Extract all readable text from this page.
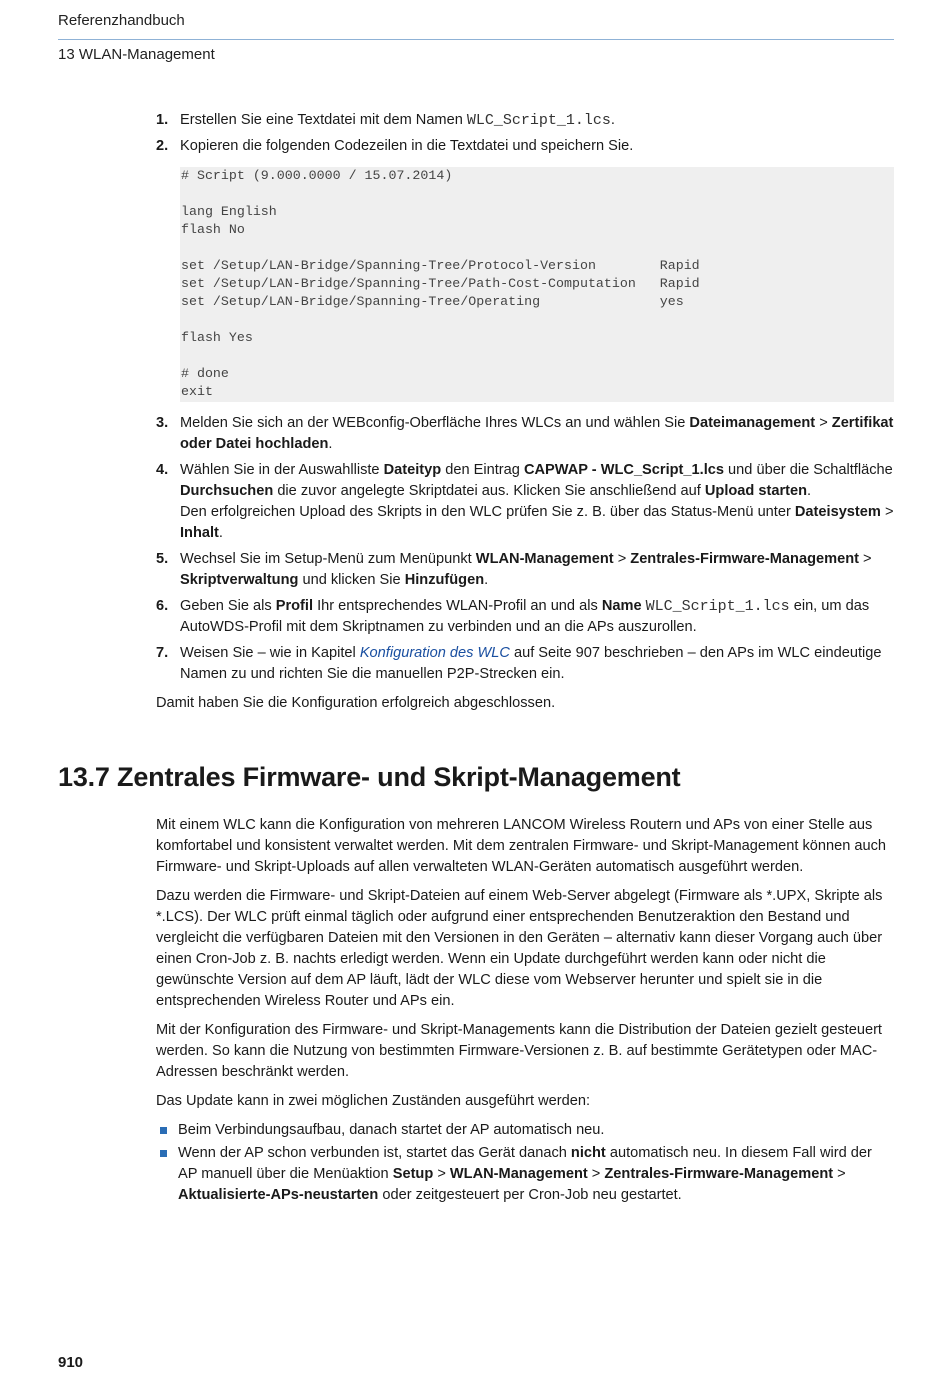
Referenzhandbuch
13 WLAN-Management
1. Erstellen Sie eine Textdatei mit dem Namen WLC_Script_1.lcs.
2. Kopieren die folgenden Codezeilen in die Textdatei und speichern Sie.
# Script (9.000.0000 / 15.07.2014)
lang English
flash No
set /Setup/LAN-Bridge/Spanning-Tree/Protocol-Version        Rapid
set /Setup/LAN-Bridge/Spanning-Tree/Path-Cost-Computation   Rapid
set /Setup/LAN-Bridge/Spanning-Tree/Operating               yes
flash Yes
# done
exit
3. Melden Sie sich an der WEBconfig-Oberfläche Ihres WLCs an und wählen Sie Dateimanagement > Zertifikat oder Datei hochladen.
4. Wählen Sie in der Auswahlliste Dateityp den Eintrag CAPWAP - WLC_Script_1.lcs und über die Schaltfläche Durchsuchen die zuvor angelegte Skriptdatei aus. Klicken Sie anschließend auf Upload starten.
Den erfolgreichen Upload des Skripts in den WLC prüfen Sie z. B. über das Status-Menü unter Dateisystem > Inhalt.
5. Wechsel Sie im Setup-Menü zum Menüpunkt WLAN-Management > Zentrales-Firmware-Management > Skriptverwaltung und klicken Sie Hinzufügen.
6. Geben Sie als Profil Ihr entsprechendes WLAN-Profil an und als Name WLC_Script_1.lcs ein, um das AutoWDS-Profil mit dem Skriptnamen zu verbinden und an die APs auszurollen.
7. Weisen Sie – wie in Kapitel Konfiguration des WLC auf Seite 907 beschrieben – den APs im WLC eindeutige Namen zu und richten Sie die manuellen P2P-Strecken ein.
Damit haben Sie die Konfiguration erfolgreich abgeschlossen.
13.7 Zentrales Firmware- und Skript-Management
Mit einem WLC kann die Konfiguration von mehreren LANCOM Wireless Routern und APs von einer Stelle aus komfortabel und konsistent verwaltet werden. Mit dem zentralen Firmware- und Skript-Management können auch Firmware- und Skript-Uploads auf allen verwalteten WLAN-Geräten automatisch ausgeführt werden.
Dazu werden die Firmware- und Skript-Dateien auf einem Web-Server abgelegt (Firmware als *.UPX, Skripte als *.LCS). Der WLC prüft einmal täglich oder aufgrund einer entsprechenden Benutzeraktion den Bestand und vergleicht die verfügbaren Dateien mit den Versionen in den Geräten – alternativ kann dieser Vorgang auch über einen Cron-Job z. B. nachts erledigt werden. Wenn ein Update durchgeführt werden kann oder nicht die gewünschte Version auf dem AP läuft, lädt der WLC diese vom Webserver herunter und spielt sie in die entsprechenden Wireless Router und APs ein.
Mit der Konfiguration des Firmware- und Skript-Managements kann die Distribution der Dateien gezielt gesteuert werden. So kann die Nutzung von bestimmten Firmware-Versionen z. B. auf bestimmte Gerätetypen oder MAC-Adressen beschränkt werden.
Das Update kann in zwei möglichen Zuständen ausgeführt werden:
Beim Verbindungsaufbau, danach startet der AP automatisch neu.
Wenn der AP schon verbunden ist, startet das Gerät danach nicht automatisch neu. In diesem Fall wird der AP manuell über die Menüaktion Setup > WLAN-Management > Zentrales-Firmware-Management > Aktualisierte-APs-neustarten oder zeitgesteuert per Cron-Job neu gestartet.
910
